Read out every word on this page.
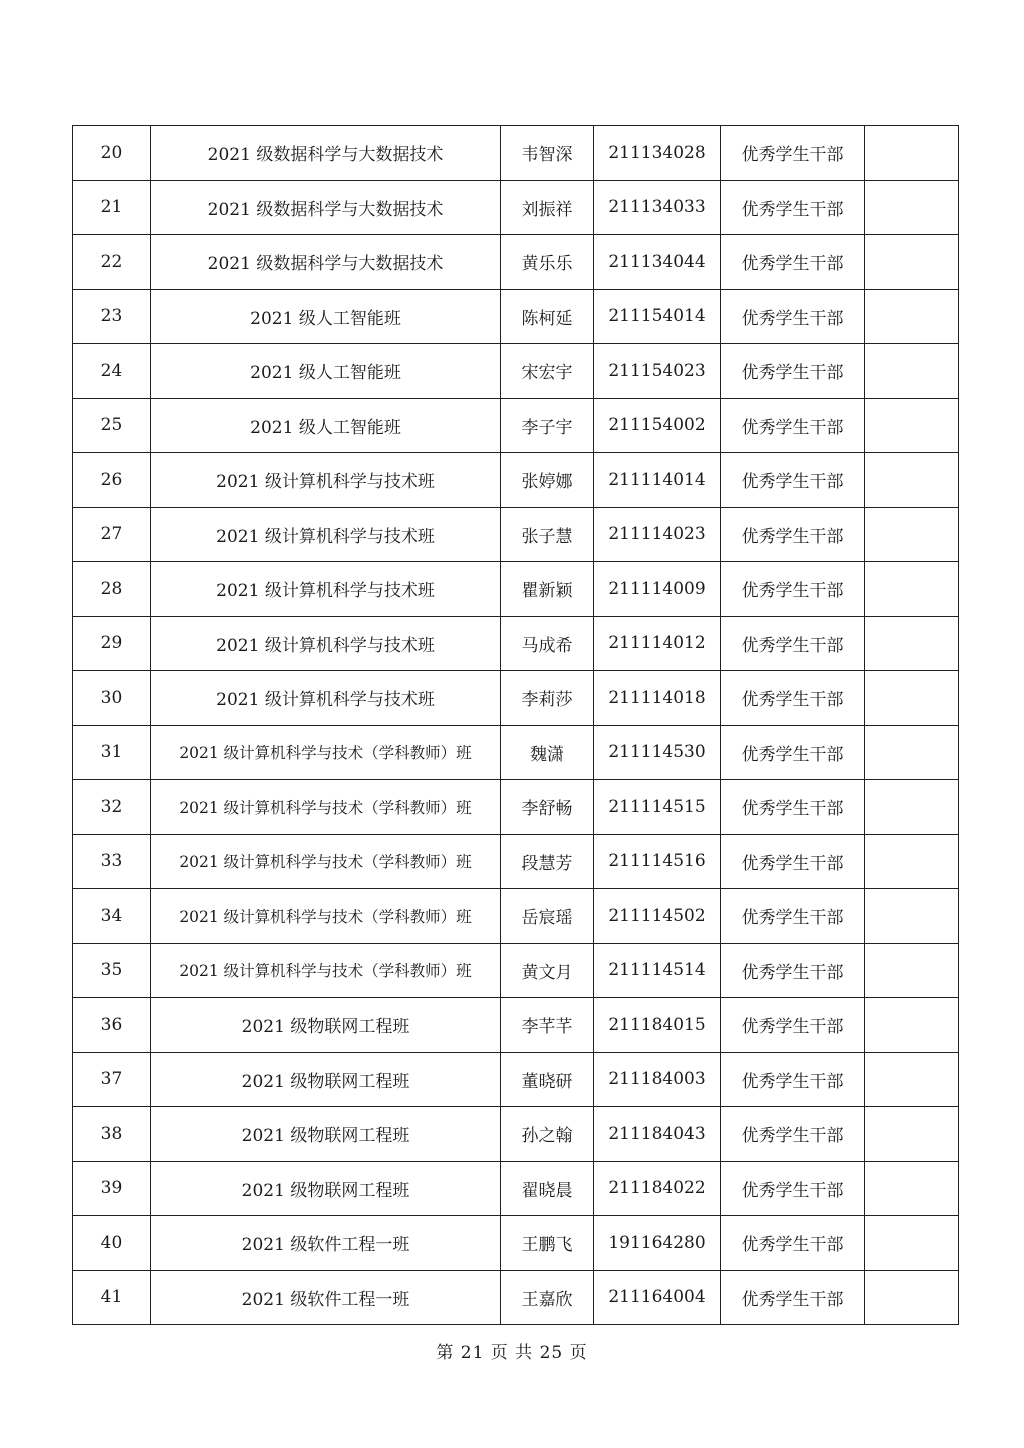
20	2021 级数据科学与大数据技术	韦智深	211134028	优秀学生干部	
21	2021 级数据科学与大数据技术	刘振祥	211134033	优秀学生干部	
22	2021 级数据科学与大数据技术	黄乐乐	211134044	优秀学生干部	
23	2021 级人工智能班	陈柯延	211154014	优秀学生干部	
24	2021 级人工智能班	宋宏宇	211154023	优秀学生干部	
25	2021 级人工智能班	李子宇	211154002	优秀学生干部	
26	2021 级计算机科学与技术班	张婷娜	211114014	优秀学生干部	
27	2021 级计算机科学与技术班	张子慧	211114023	优秀学生干部	
28	2021 级计算机科学与技术班	瞿新颖	211114009	优秀学生干部	
29	2021 级计算机科学与技术班	马成希	211114012	优秀学生干部	
30	2021 级计算机科学与技术班	李莉莎	211114018	优秀学生干部	
31	2021 级计算机科学与技术（学科教师）班	魏潇	211114530	优秀学生干部	
32	2021 级计算机科学与技术（学科教师）班	李舒畅	211114515	优秀学生干部	
33	2021 级计算机科学与技术（学科教师）班	段慧芳	211114516	优秀学生干部	
34	2021 级计算机科学与技术（学科教师）班	岳宸瑶	211114502	优秀学生干部	
35	2021 级计算机科学与技术（学科教师）班	黄文月	211114514	优秀学生干部	
36	2021 级物联网工程班	李芊芊	211184015	优秀学生干部	
37	2021 级物联网工程班	董晓研	211184003	优秀学生干部	
38	2021 级物联网工程班	孙之翰	211184043	优秀学生干部	
39	2021 级物联网工程班	翟晓晨	211184022	优秀学生干部	
40	2021 级软件工程一班	王鹏飞	191164280	优秀学生干部	
41	2021 级软件工程一班	王嘉欣	211164004	优秀学生干部	
第 21 页 共 25 页
